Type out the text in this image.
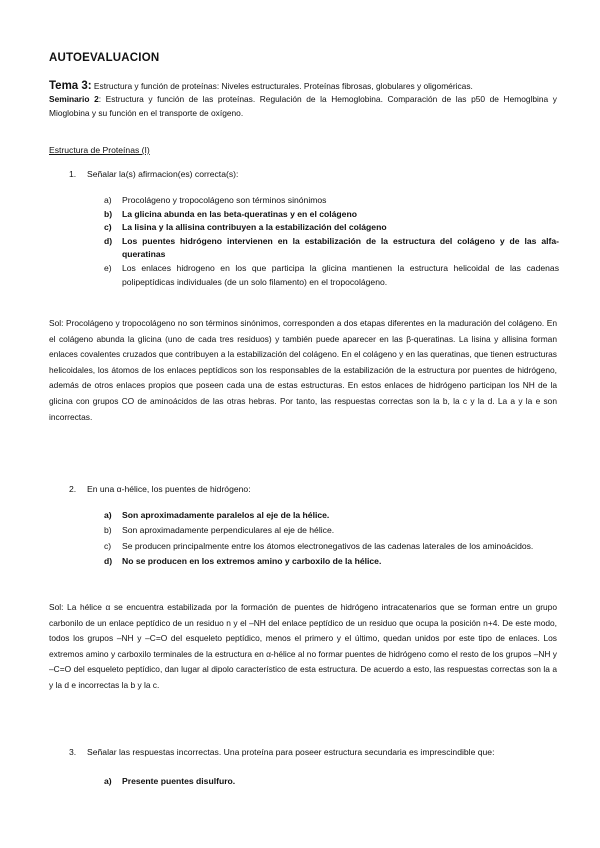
AUTOEVALUACION
Tema 3: Estructura y función de proteínas: Niveles estructurales. Proteínas fibrosas, globulares y oligoméricas.
Seminario 2: Estructura y función de las proteínas. Regulación de la Hemoglobina. Comparación de las p50 de Hemoglbina y Mioglobina y su función en el transporte de oxígeno.
Estructura de Proteínas (I)
1. Señalar la(s) afirmacion(es) correcta(s):
a)	Procolágeno y tropocolágeno son términos sinónimos
b)	La glicina abunda en las beta-queratinas y en el colágeno
c)	La lisina y la allisina contribuyen a la estabilización del colágeno
d)	Los puentes hidrógeno intervienen en la estabilización de la estructura del colágeno y de las alfa-queratinas
e)	Los enlaces hidrogeno en los que participa la glicina mantienen la estructura helicoidal de las cadenas polipeptídicas individuales (de un solo filamento) en el tropocolágeno.
Sol: Procolágeno y tropocolágeno no son términos sinónimos, corresponden a dos etapas diferentes en la maduración del colágeno. En el colágeno abunda la glicina (uno de cada tres residuos) y también puede aparecer en las β-queratinas. La lisina y allisina forman enlaces covalentes cruzados que contribuyen a la estabilización del colágeno. En el colágeno y en las queratinas, que tienen estructuras helicoidales, los átomos de los enlaces peptídicos son los responsables de la estabilización de la estructura por puentes de hidrógeno, además de otros enlaces propios que poseen cada una de estas estructuras. En estos enlaces de hidrógeno participan los NH de la glicina con grupos CO de aminoácidos de las otras hebras. Por tanto, las respuestas correctas son la b, la c y la d. La a y la e son incorrectas.
2. En una α-hélice, los puentes de hidrógeno:
a)	Son aproximadamente paralelos al eje de la hélice.
b)	Son aproximadamente perpendiculares al eje de hélice.
c)	Se producen principalmente entre los átomos electronegativos de las cadenas laterales de los aminoácidos.
d)	No se producen en los extremos amino y carboxilo de la hélice.
Sol: La hélice α se encuentra estabilizada por la formación de puentes de hidrógeno intracatenarios que se forman entre un grupo carbonilo de un enlace peptídico de un residuo n y el –NH del enlace peptídico de un residuo que ocupa la posición n+4. De este modo, todos los grupos –NH y –C=O del esqueleto peptídico, menos el primero y el último, quedan unidos por este tipo de enlaces. Los extremos amino y carboxilo terminales de la estructura en α-hélice al no formar puentes de hidrógeno como el resto de los grupos –NH y –C=O del esqueleto peptídico, dan lugar al dipolo característico de esta estructura. De acuerdo a esto, las respuestas correctas son la a y la d e incorrectas la b y la c.
3. Señalar las respuestas incorrectas. Una proteína para poseer estructura secundaria es imprescindible que:
a)	Presente puentes disulfuro.
